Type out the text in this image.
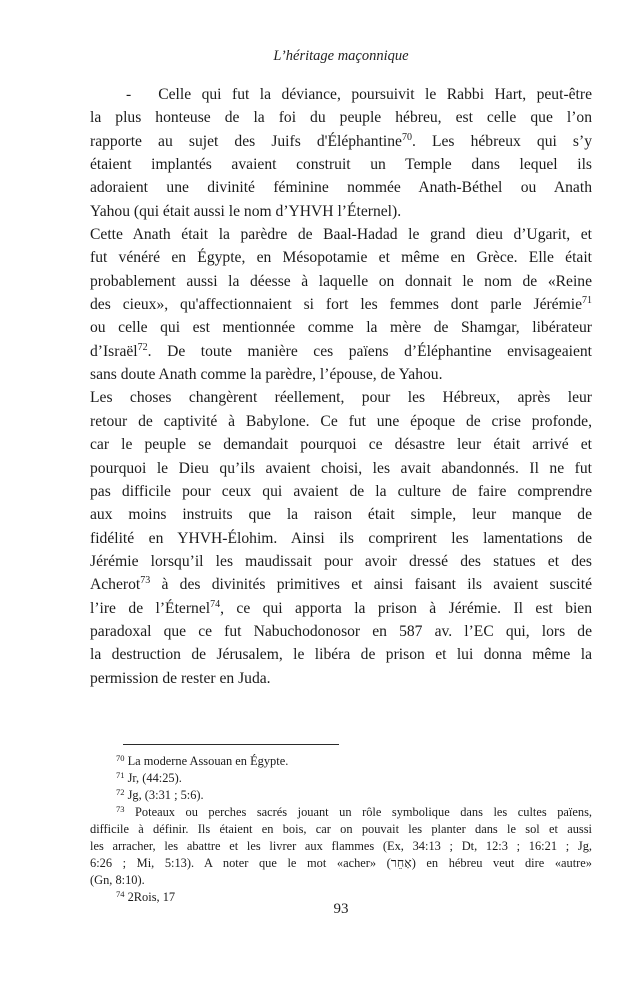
L’héritage maçonnique

- Celle qui fut la déviance, poursuivit le Rabbi Hart, peut-être
la plus honteuse de la foi du peuple hébreu, est celle que l’on
rapporte au sujet des Juifs d'Éléphantine$^{70}$. Les hébreux qui s’y
étaient implantés avaient construit un Temple dans lequel ils
adoraient une divinité féminine nommée Anath-Béthel ou Anath
Yahou (qui était aussi le nom d’YHVH l’Éternel).

Cette Anath était la parèdre de Baal-Hadad le grand dieu d’Ugarit, et
fut vénéré en Égypte, en Mésopotamie et même en Grèce. Elle était
probablement aussi la déesse à laquelle on donnait le nom de «Reine
des cieux», qu'affectionnaient si fort les femmes dont parle Jérémie$^{71}$
ou celle qui est mentionnée comme la mère de Shamgar, libérateur
d’Israël$^{72}$. De toute manière ces païens d’Éléphantine envisageaient
sans doute Anath comme la parèdre, l’épouse, de Yahou.

Les choses changèrent réellement, pour les Hébreux, après leur
retour de captivité à Babylone. Ce fut une époque de crise profonde,
car le peuple se demandait pourquoi ce désastre leur était arrivé et
pourquoi le Dieu qu’ils avaient choisi, les avait abandonnés. Il ne fut
pas difficile pour ceux qui avaient de la culture de faire comprendre
aux moins instruits que la raison était simple, leur manque de
fidélité en YHVH-Élohim. Ainsi ils comprirent les lamentations de
Jérémie lorsqu’il les maudissait pour avoir dressé des statues et des
Acherot$^{73}$ à des divinités primitives et ainsi faisant ils avaient suscité
l’ire de l’Éternel$^{74}$, ce qui apporta la prison à Jérémie. Il est bien
paradoxal que ce fut Nabuchodonosor en 587 av. l’EC qui, lors de
la destruction de Jérusalem, le libéra de prison et lui donna même la
permission de rester en Juda.

$^{70}$ La moderne Assouan en Égypte.
$^{71}$ Jr, (44:25).
$^{72}$ Jg, (3:31 ; 5:6).
$^{73}$ Poteaux ou perches sacrés jouant un rôle symbolique dans les cultes païens,
difficile à définir. Ils étaient en bois, car on pouvait les planter dans le sol et aussi
les arracher, les abattre et les livrer aux flammes (Ex, 34:13 ; Dt, 12:3 ; 16:21 ; Jg,
6:26 ; Mi, 5:13). A noter que le mot «acher» (אַחֵר) en hébreu veut dire «autre»
(Gn, 8:10).
$^{74}$ 2Rois, 17
93
